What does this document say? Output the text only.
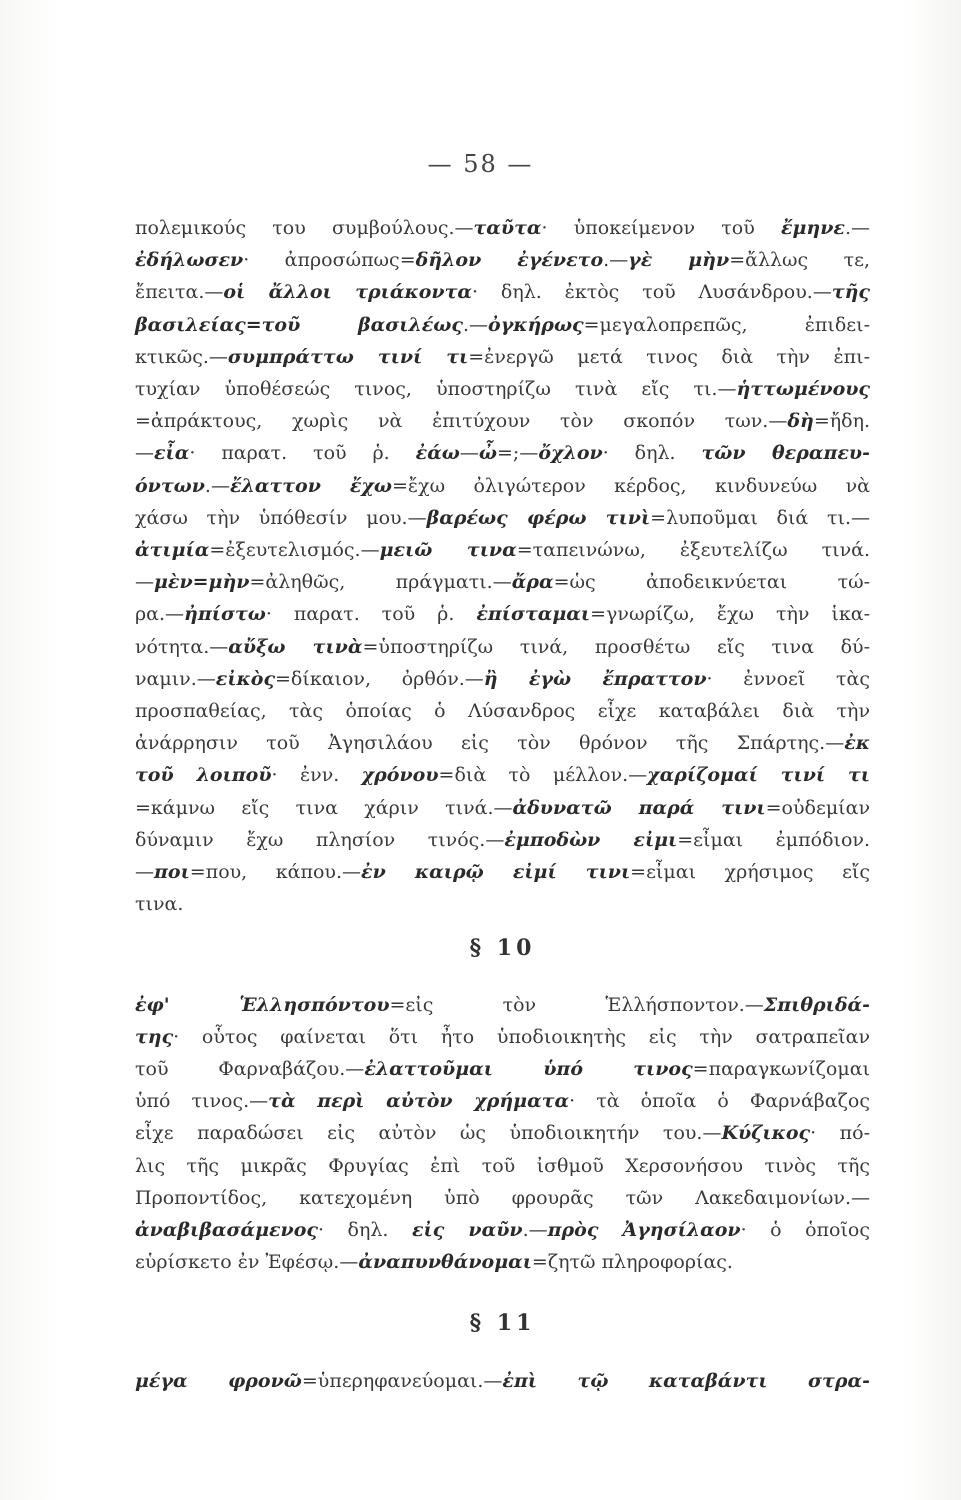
— 58 —

πολεμικούς του συμβούλους.—ταῦτα· ὑποκείμενον τοῦ ἔμηνε.—
ἐδήλωσεν· ἀπροσώπως=δῆλον ἐγένετο.—γὲ μὴν=ἄλλως τε,
ἔπειτα.—οἱ ἄλλοι τριάκοντα· δηλ. ἐκτὸς τοῦ Λυσάνδρου.—τῆς
βασιλείας=τοῦ βασιλέως.—ὀγκήρως=μεγαλοπρεπῶς, ἐπιδει-
κτικῶς.—συμπράττω τινί τι=ἐνεργῶ μετά τινος διὰ τὴν ἐπι-
τυχίαν ὑποθέσεώς τινος, ὑποστηρίζω τινὰ εἴς τι.—ἡττωμένους
=ἀπράκτους, χωρὶς νὰ ἐπιτύχουν τὸν σκοπόν των.—δὴ=ἤδη.
—εἶα· παρατ. τοῦ ῥ. ἐάω—ὦ=;—ὄχλον· δηλ. τῶν θεραπευ-
όντων.—ἔλαττον ἔχω=ἔχω ὀλιγώτερον κέρδος, κινδυνεύω νὰ
χάσω τὴν ὑπόθεσίν μου.—βαρέως φέρω τινὶ=λυποῦμαι διά τι.—
ἀτιμία=ἐξευτελισμός.—μειῶ τινα=ταπεινώνω, ἐξευτελίζω τινά.
—μὲν=μὴν=ἀληθῶς, πράγματι.—ἄρα=ὡς ἀποδεικνύεται τώ-
ρα.—ἠπίστω· παρατ. τοῦ ῥ. ἐπίσταμαι=γνωρίζω, ἔχω τὴν ἱκα-
νότητα.—αὔξω τινὰ=ὑποστηρίζω τινά, προσθέτω εἴς τινα δύ-
ναμιν.—εἰκὸς=δίκαιον, ὀρθόν.—ἢ ἐγὼ ἔπραττον· ἐννοεῖ τὰς
προσπαθείας, τὰς ὁποίας ὁ Λύσανδρος εἶχε καταβάλει διὰ τὴν
ἀνάρρησιν τοῦ Ἀγησιλάου εἰς τὸν θρόνον τῆς Σπάρτης.—ἐκ
τοῦ λοιποῦ· ἐνν. χρόνου=διὰ τὸ μέλλον.—χαρίζομαί τινί τι
=κάμνω εἴς τινα χάριν τινά.—ἀδυνατῶ παρά τινι=οὐδεμίαν
δύναμιν ἔχω πλησίον τινός.—ἐμποδὼν εἰμι=εἶμαι ἐμπόδιον.
—ποι=που, κάπου.—ἐν καιρῷ εἰμί τινι=εἶμαι χρήσιμος εἴς
τινα.

§ 10

ἐφ' Ἑλλησπόντου=εἰς τὸν Ἑλλήσποντον.—Σπιθριδά-
της· οὗτος φαίνεται ὅτι ἦτο ὑποδιοικητὴς εἰς τὴν σατραπεῖαν
τοῦ Φαρναβάζου.—ἐλαττοῦμαι ὑπό τινος=παραγκωνίζομαι
ὑπό τινος.—τὰ περὶ αὐτὸν χρήματα· τὰ ὁποῖα ὁ Φαρνάβαζος
εἶχε παραδώσει εἰς αὐτὸν ὡς ὑποδιοικητήν του.—Κύζικος· πό-
λις τῆς μικρᾶς Φρυγίας ἐπὶ τοῦ ἰσθμοῦ Χερσονήσου τινὸς τῆς
Προποντίδος, κατεχομένη ὑπὸ φρουρᾶς τῶν Λακεδαιμονίων.—
ἀναβιβασάμενος· δηλ. εἰς ναῦν.—πρὸς Ἀγησίλαον· ὁ ὁποῖος
εὑρίσκετο ἐν Ἐφέσῳ.—ἀναπυνθάνομαι=ζητῶ πληροφορίας.

§ 11

μέγα φρονῶ=ὑπερηφανεύομαι.—ἐπὶ τῷ καταβάντι στρα-
